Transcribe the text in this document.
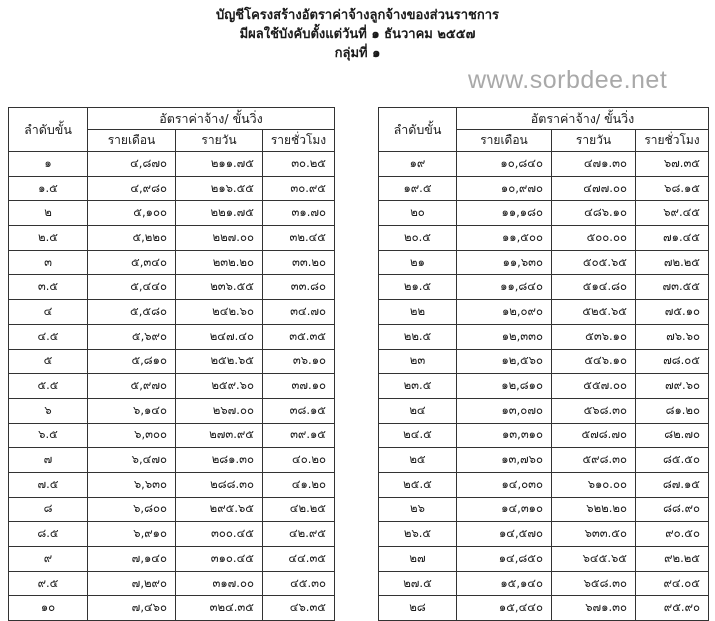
บัญชีโครงสร้างอัตราค่าจ้างลูกจ้างของส่วนราชการ
มีผลใช้บังคับตั้งแต่วันที่ ๑ ธันวาคม ๒๕๕๗
กลุ่มที่ ๑
www.sorbdee.net
ลำดับขั้น	อัตราค่าจ้าง/ ขั้นวิ่ง		
	รายเดือน	รายวัน	รายชั่วโมง
๑	๔,๘๗๐	๒๑๑.๗๕	๓๐.๒๕
๑.๕	๔,๙๘๐	๒๑๖.๕๕	๓๐.๙๕
๒	๕,๑๐๐	๒๒๑.๗๕	๓๑.๗๐
๒.๕	๕,๒๒๐	๒๒๗.๐๐	๓๒.๔๕
๓	๕,๓๔๐	๒๓๒.๒๐	๓๓.๒๐
๓.๕	๕,๔๔๐	๒๓๖.๕๕	๓๓.๘๐
๔	๕,๕๘๐	๒๔๒.๖๐	๓๔.๗๐
๔.๕	๕,๖๙๐	๒๔๗.๔๐	๓๕.๓๕
๕	๕,๘๑๐	๒๕๒.๖๕	๓๖.๑๐
๕.๕	๕,๙๗๐	๒๕๙.๖๐	๓๗.๑๐
๖	๖,๑๔๐	๒๖๗.๐๐	๓๘.๑๕
๖.๕	๖,๓๐๐	๒๗๓.๙๕	๓๙.๑๕
๗	๖,๔๗๐	๒๘๑.๓๐	๔๐.๒๐
๗.๕	๖,๖๓๐	๒๘๘.๓๐	๔๑.๒๐
๘	๖,๘๐๐	๒๙๕.๖๕	๔๒.๒๕
๘.๕	๖,๙๑๐	๓๐๐.๔๕	๔๒.๙๕
๙	๗,๑๔๐	๓๑๐.๔๕	๔๔.๓๕
๙.๕	๗,๒๙๐	๓๑๗.๐๐	๔๕.๓๐
๑๐	๗,๔๖๐	๓๒๔.๓๕	๔๖.๓๕
ลำดับขั้น	อัตราค่าจ้าง/ ขั้นวิ่ง		
	รายเดือน	รายวัน	รายชั่วโมง
๑๙	๑๐,๘๔๐	๔๗๑.๓๐	๖๗.๓๕
๑๙.๕	๑๐,๙๗๐	๔๗๗.๐๐	๖๘.๑๕
๒๐	๑๑,๑๘๐	๔๘๖.๑๐	๖๙.๔๕
๒๐.๕	๑๑,๕๐๐	๕๐๐.๐๐	๗๑.๔๕
๒๑	๑๑,๖๓๐	๕๐๕.๖๕	๗๒.๒๕
๒๑.๕	๑๑,๘๔๐	๕๑๔.๘๐	๗๓.๕๕
๒๒	๑๒,๐๙๐	๕๒๕.๖๕	๗๕.๑๐
๒๒.๕	๑๒,๓๓๐	๕๓๖.๑๐	๗๖.๖๐
๒๓	๑๒,๕๖๐	๕๔๖.๑๐	๗๘.๐๕
๒๓.๕	๑๒,๘๑๐	๕๕๗.๐๐	๗๙.๖๐
๒๔	๑๓,๐๗๐	๕๖๘.๓๐	๘๑.๒๐
๒๔.๕	๑๓,๓๑๐	๕๗๘.๗๐	๘๒.๗๐
๒๕	๑๓,๗๖๐	๕๙๘.๓๐	๘๕.๕๐
๒๕.๕	๑๔,๐๓๐	๖๑๐.๐๐	๘๗.๑๕
๒๖	๑๔,๓๑๐	๖๒๒.๒๐	๘๘.๙๐
๒๖.๕	๑๔,๕๗๐	๖๓๓.๕๐	๙๐.๕๐
๒๗	๑๔,๘๕๐	๖๔๕.๖๕	๙๒.๒๕
๒๗.๕	๑๕,๑๔๐	๖๕๘.๓๐	๙๔.๐๕
๒๘	๑๕,๔๔๐	๖๗๑.๓๐	๙๕.๙๐
